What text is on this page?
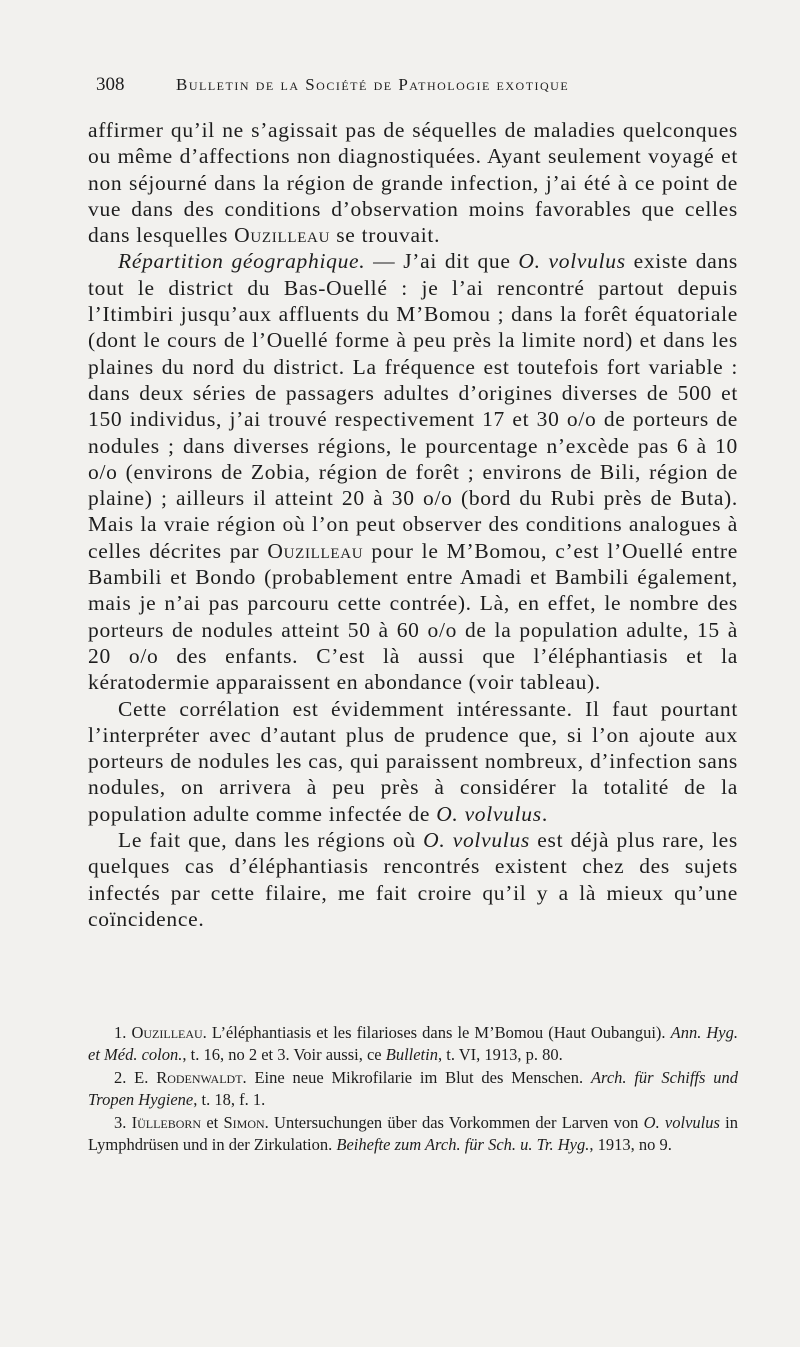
308	Bulletin de la Société de Pathologie exotique

affirmer qu’il ne s’agissait pas de séquelles de maladies quelconques ou même d’affections non diagnostiquées. Ayant seulement voyagé et non séjourné dans la région de grande infection, j’ai été à ce point de vue dans des conditions d’observation moins favorables que celles dans lesquelles Ouzilleau se trouvait.

Répartition géographique. — J’ai dit que O. volvulus existe dans tout le district du Bas-Ouellé : je l’ai rencontré partout depuis l’Itimbiri jusqu’aux affluents du M’Bomou ; dans la forêt équatoriale (dont le cours de l’Ouellé forme à peu près la limite nord) et dans les plaines du nord du district. La fréquence est toutefois fort variable : dans deux séries de passagers adultes d’origines diverses de 500 et 150 individus, j’ai trouvé respectivement 17 et 30 o/o de porteurs de nodules ; dans diverses régions, le pourcentage n’excède pas 6 à 10 o/o (environs de Zobia, région de forêt ; environs de Bili, région de plaine) ; ailleurs il atteint 20 à 30 o/o (bord du Rubi près de Buta). Mais la vraie région où l’on peut observer des conditions analogues à celles décrites par Ouzilleau pour le M’Bomou, c’est l’Ouellé entre Bambili et Bondo (probablement entre Amadi et Bambili également, mais je n’ai pas parcouru cette contrée). Là, en effet, le nombre des porteurs de nodules atteint 50 à 60 o/o de la population adulte, 15 à 20 o/o des enfants. C’est là aussi que l’éléphantiasis et la kératodermie apparaissent en abondance (voir tableau).

Cette corrélation est évidemment intéressante. Il faut pourtant l’interpréter avec d’autant plus de prudence que, si l’on ajoute aux porteurs de nodules les cas, qui paraissent nombreux, d’infection sans nodules, on arrivera à peu près à considérer la totalité de la population adulte comme infectée de O. volvulus.

Le fait que, dans les régions où O. volvulus est déjà plus rare, les quelques cas d’éléphantiasis rencontrés existent chez des sujets infectés par cette filaire, me fait croire qu’il y a là mieux qu’une coïncidence.

1. Ouzilleau. L’éléphantiasis et les filarioses dans le M’Bomou (Haut Oubangui). Ann. Hyg. et Méd. colon., t. 16, no 2 et 3. Voir aussi, ce Bulletin, t. VI, 1913, p. 80.

2. E. Rodenwaldt. Eine neue Mikrofilarie im Blut des Menschen. Arch. für Schiffs und Tropen Hygiene, t. 18, f. 1.

3. Iülleborn et Simon. Untersuchungen über das Vorkommen der Larven von O. volvulus in Lymphdrüsen und in der Zirkulation. Beihefte zum Arch. für Sch. u. Tr. Hyg., 1913, no 9.
